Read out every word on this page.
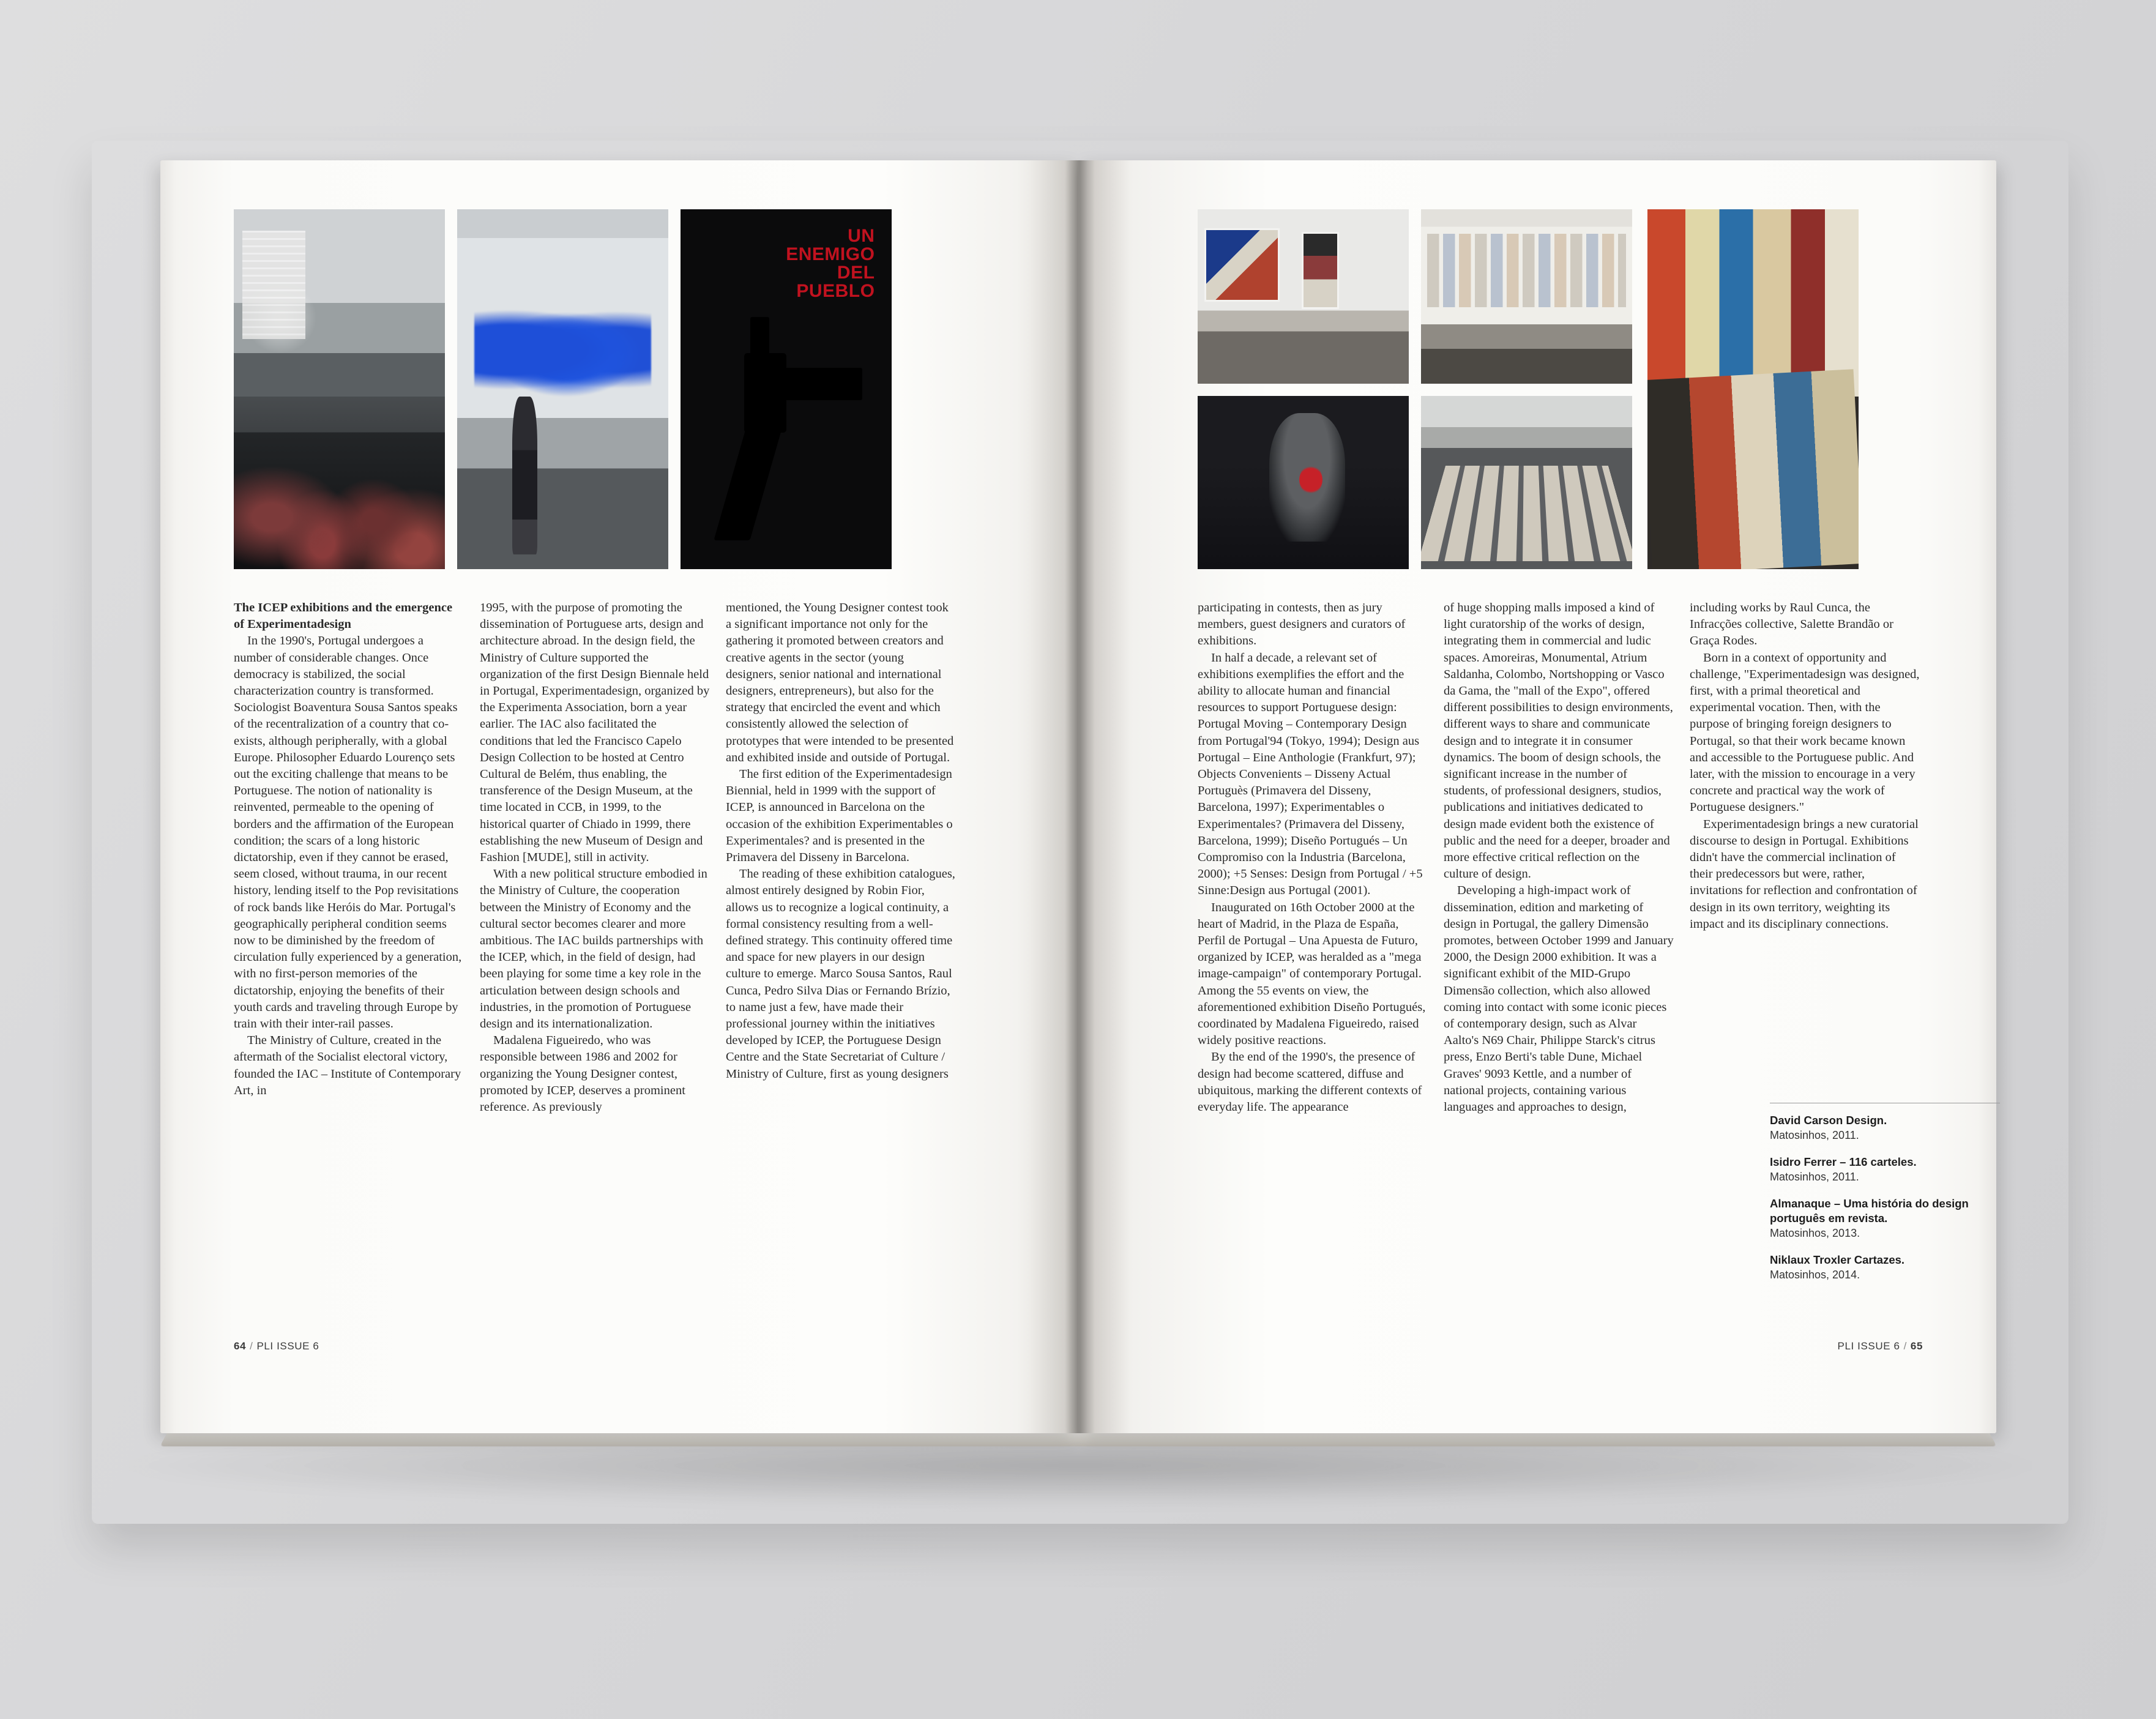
UN
ENEMIGO
DEL
PUEBLO

The ICEP exhibitions and the emergence of Experimentadesign

In the 1990's, Portugal undergoes a number of considerable changes. Once democracy is stabilized, the social characterization country is transformed. Sociologist Boaventura Sousa Santos speaks of the recentralization of a country that co-exists, although peripherally, with a global Europe. Philosopher Eduardo Lourenço sets out the exciting challenge that means to be Portuguese. The notion of nationality is reinvented, permeable to the opening of borders and the affirmation of the European condition; the scars of a long historic dictatorship, even if they cannot be erased, seem closed, without trauma, in our recent history, lending itself to the Pop revisitations of rock bands like Heróis do Mar. Portugal's geographically peripheral condition seems now to be diminished by the freedom of circulation fully experienced by a generation, with no first-person memories of the dictatorship, enjoying the benefits of their youth cards and traveling through Europe by train with their inter-rail passes.

The Ministry of Culture, created in the aftermath of the Socialist electoral victory, founded the IAC – Institute of Contemporary Art, in

1995, with the purpose of promoting the dissemination of Portuguese arts, design and architecture abroad. In the design field, the Ministry of Culture supported the organization of the first Design Biennale held in Portugal, Experimentadesign, organized by the Experimenta Association, born a year earlier. The IAC also facilitated the conditions that led the Francisco Capelo Design Collection to be hosted at Centro Cultural de Belém, thus enabling, the transference of the Design Museum, at the time located in CCB, in 1999, to the historical quarter of Chiado in 1999, there establishing the new Museum of Design and Fashion [MUDE], still in activity.

With a new political structure embodied in the Ministry of Culture, the cooperation between the Ministry of Economy and the cultural sector becomes clearer and more ambitious. The IAC builds partnerships with the ICEP, which, in the field of design, had been playing for some time a key role in the articulation between design schools and industries, in the promotion of Portuguese design and its internationalization.

Madalena Figueiredo, who was responsible between 1986 and 2002 for organizing the Young Designer contest, promoted by ICEP, deserves a prominent reference. As previously

mentioned, the Young Designer contest took a significant importance not only for the gathering it promoted between creators and creative agents in the sector (young designers, senior national and international designers, entrepreneurs), but also for the strategy that encircled the event and which consistently allowed the selection of prototypes that were intended to be presented and exhibited inside and outside of Portugal.

The first edition of the Experimentadesign Biennial, held in 1999 with the support of ICEP, is announced in Barcelona on the occasion of the exhibition Experimentables o Experimentales? and is presented in the Primavera del Disseny in Barcelona.

The reading of these exhibition catalogues, almost entirely designed by Robin Fior, allows us to recognize a logical continuity, a formal consistency resulting from a well-defined strategy. This continuity offered time and space for new players in our design culture to emerge. Marco Sousa Santos, Raul Cunca, Pedro Silva Dias or Fernando Brízio, to name just a few, have made their professional journey within the initiatives developed by ICEP, the Portuguese Design Centre and the State Secretariat of Culture / Ministry of Culture, first as young designers

64 / PLI ISSUE 6

participating in contests, then as jury members, guest designers and curators of exhibitions.

In half a decade, a relevant set of exhibitions exemplifies the effort and the ability to allocate human and financial resources to support Portuguese design: Portugal Moving – Contemporary Design from Portugal'94 (Tokyo, 1994); Design aus Portugal – Eine Anthologie (Frankfurt, 97); Objects Convenients – Disseny Actual Portuguès (Primavera del Disseny, Barcelona, 1997); Experimentables o Experimentales? (Primavera del Disseny, Barcelona, 1999); Diseño Portugués – Un Compromiso con la Industria (Barcelona, 2000); +5 Senses: Design from Portugal / +5 Sinne:Design aus Portugal (2001).

Inaugurated on 16th October 2000 at the heart of Madrid, in the Plaza de España, Perfil de Portugal – Una Apuesta de Futuro, organized by ICEP, was heralded as a "mega image-campaign" of contemporary Portugal. Among the 55 events on view, the aforementioned exhibition Diseño Portugués, coordinated by Madalena Figueiredo, raised widely positive reactions.

By the end of the 1990's, the presence of design had become scattered, diffuse and ubiquitous, marking the different contexts of everyday life. The appearance

of huge shopping malls imposed a kind of light curatorship of the works of design, integrating them in commercial and ludic spaces. Amoreiras, Monumental, Atrium Saldanha, Colombo, Nortshopping or Vasco da Gama, the "mall of the Expo", offered different possibilities to design environments, different ways to share and communicate design and to integrate it in consumer dynamics. The boom of design schools, the significant increase in the number of students, of professional designers, studios, publications and initiatives dedicated to design made evident both the existence of public and the need for a deeper, broader and more effective critical reflection on the culture of design.

Developing a high-impact work of dissemination, edition and marketing of design in Portugal, the gallery Dimensão promotes, between October 1999 and January 2000, the Design 2000 exhibition. It was a significant exhibit of the MID-Grupo Dimensão collection, which also allowed coming into contact with some iconic pieces of contemporary design, such as Alvar Aalto's N69 Chair, Philippe Starck's citrus press, Enzo Berti's table Dune, Michael Graves' 9093 Kettle, and a number of national projects, containing various languages and approaches to design,

including works by Raul Cunca, the Infracções collective, Salette Brandão or Graça Rodes.

Born in a context of opportunity and challenge, "Experimentadesign was designed, first, with a primal theoretical and experimental vocation. Then, with the purpose of bringing foreign designers to Portugal, so that their work became known and accessible to the Portuguese public. And later, with the mission to encourage in a very concrete and practical way the work of Portuguese designers."

Experimentadesign brings a new curatorial discourse to design in Portugal. Exhibitions didn't have the commercial inclination of their predecessors but were, rather, invitations for reflection and confrontation of design in its own territory, weighting its impact and its disciplinary connections.

David Carson Design.
Matosinhos, 2011.
Isidro Ferrer – 116 carteles.
Matosinhos, 2011.
Almanaque – Uma história do design português em revista.
Matosinhos, 2013.
Niklaux Troxler Cartazes.
Matosinhos, 2014.
PLI ISSUE 6 / 65
